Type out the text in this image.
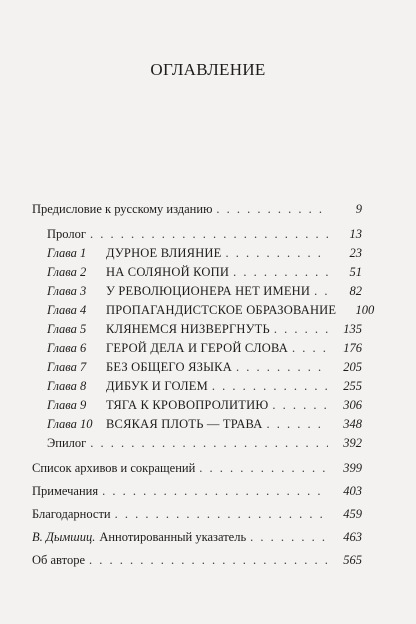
ОГЛАВЛЕНИЕ
Предисловие к русскому изданию . . .	9
Пролог . . .	13
Глава 1	ДУРНОЕ ВЛИЯНИЕ . . .	23
Глава 2	НА СОЛЯНОЙ КОПИ . . .	51
Глава 3	У РЕВОЛЮЦИОНЕРА НЕТ ИМЕНИ . . .	82
Глава 4	ПРОПАГАНДИСТСКОЕ ОБРАЗОВАНИЕ	100
Глава 5	КЛЯНЕМСЯ НИЗВЕРГНУТЬ . . .	135
Глава 6	ГЕРОЙ ДЕЛА И ГЕРОЙ СЛОВА . . .	176
Глава 7	БЕЗ ОБЩЕГО ЯЗЫКА . . .	205
Глава 8	ДИБУК И ГОЛЕМ . . .	255
Глава 9	ТЯГА К КРОВОПРОЛИТИЮ . . .	306
Глава 10	ВСЯКАЯ ПЛОТЬ — ТРАВА . . .	348
Эпилог . . .	392
Список архивов и сокращений . . .	399
Примечания . . .	403
Благодарности . . .	459
В. Дымшиц. Аннотированный указатель . . .	463
Об авторе . . .	565
